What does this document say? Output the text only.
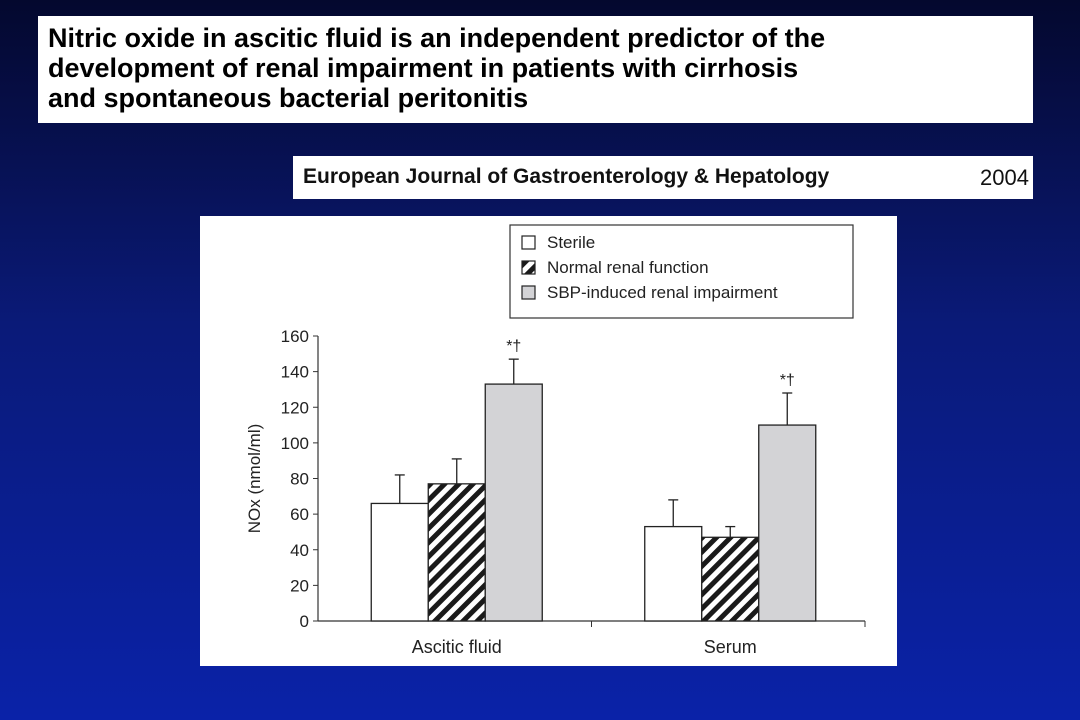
Nitric oxide in ascitic fluid is an independent predictor of the
development of renal impairment in patients with cirrhosis
and spontaneous bacterial peritonitis
European Journal of Gastroenterology & Hepatology	2004
Sterile
Normal renal function
SBP-induced renal impairment
0
20
40
60
80
100
120
140
160
NOx (nmol/ml)
Ascitic fluid	Serum
*†
*†
